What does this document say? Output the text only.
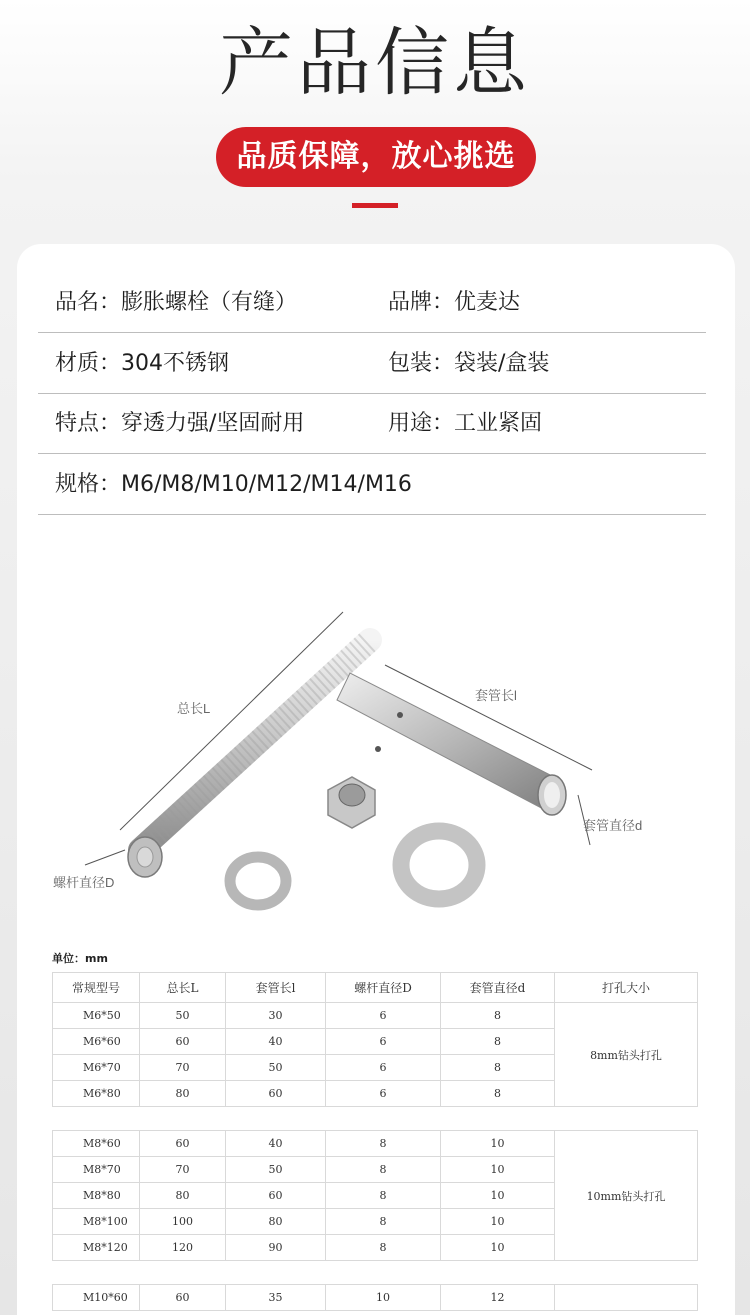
产品信息
品质保障，放心挑选
品名：膨胀螺栓（有缝）	品牌：优麦达
材质：304不锈钢	包装：袋装/盒装
特点：穿透力强/坚固耐用	用途：工业紧固
规格：M6/M8/M10/M12/M14/M16
总长L
套管长l
套管直径d
螺杆直径D
单位：mm
常规型号	总长L	套管长l	螺杆直径D	套管直径d	打孔大小
M6*50	50	30	6	8	8mm钻头打孔
M6*60	60	40	6	8	
M6*70	70	50	6	8	
M6*80	80	60	6	8	

M8*60	60	40	8	10	10mm钻头打孔
M8*70	70	50	8	10	
M8*80	80	60	8	10	
M8*100	100	80	8	10	
M8*120	120	90	8	10	

M10*60	60	35	10	12	
